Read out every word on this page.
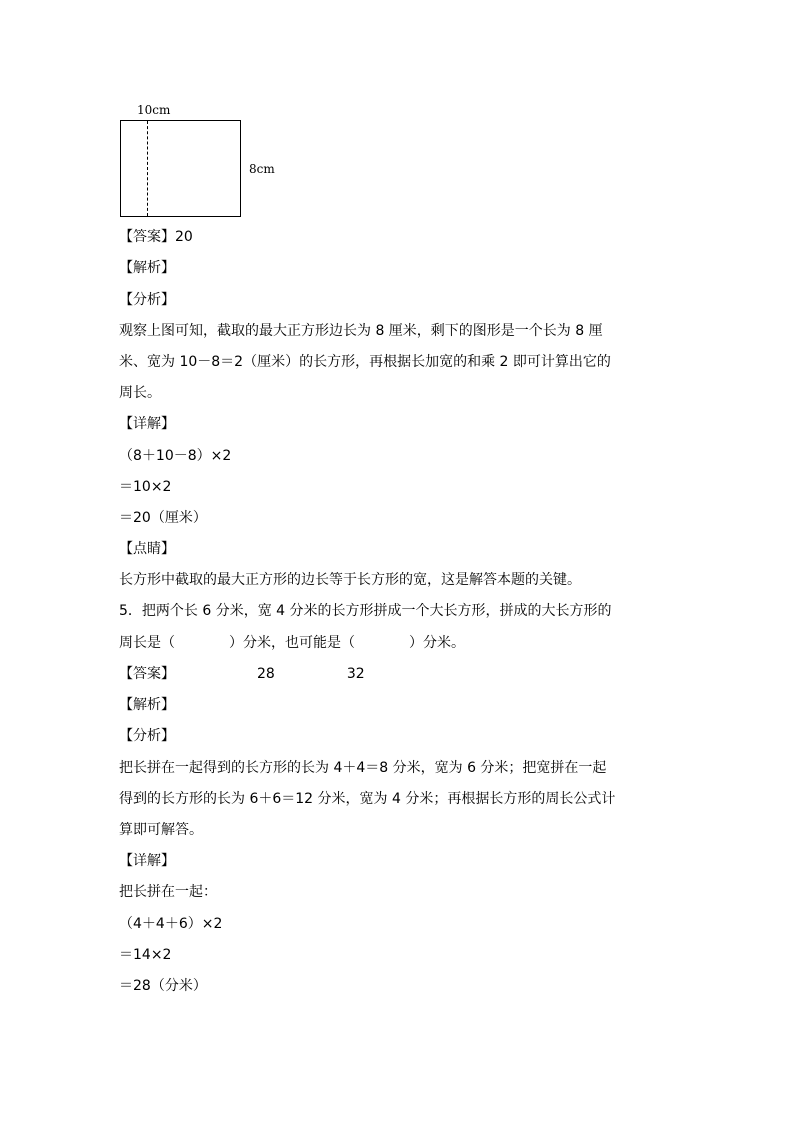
10cm
8cm
【答案】20
【解析】
【分析】
观察上图可知，截取的最大正方形边长为 8 厘米，剩下的图形是一个长为 8 厘
米、宽为 10－8＝2（厘米）的长方形，再根据长加宽的和乘 2 即可计算出它的
周长。
【详解】
（8＋10－8）×2
＝10×2
＝20（厘米）
【点睛】
长方形中截取的最大正方形的边长等于长方形的宽，这是解答本题的关键。
5．把两个长 6 分米，宽 4 分米的长方形拼成一个大长方形，拼成的大长方形的
周长是（	）分米，也可能是（	）分米。
【答案】	28	32
【解析】
【分析】
把长拼在一起得到的长方形的长为 4＋4＝8 分米，宽为 6 分米；把宽拼在一起
得到的长方形的长为 6＋6＝12 分米，宽为 4 分米；再根据长方形的周长公式计
算即可解答。
【详解】
把长拼在一起：
（4＋4＋6）×2
＝14×2
＝28（分米）
